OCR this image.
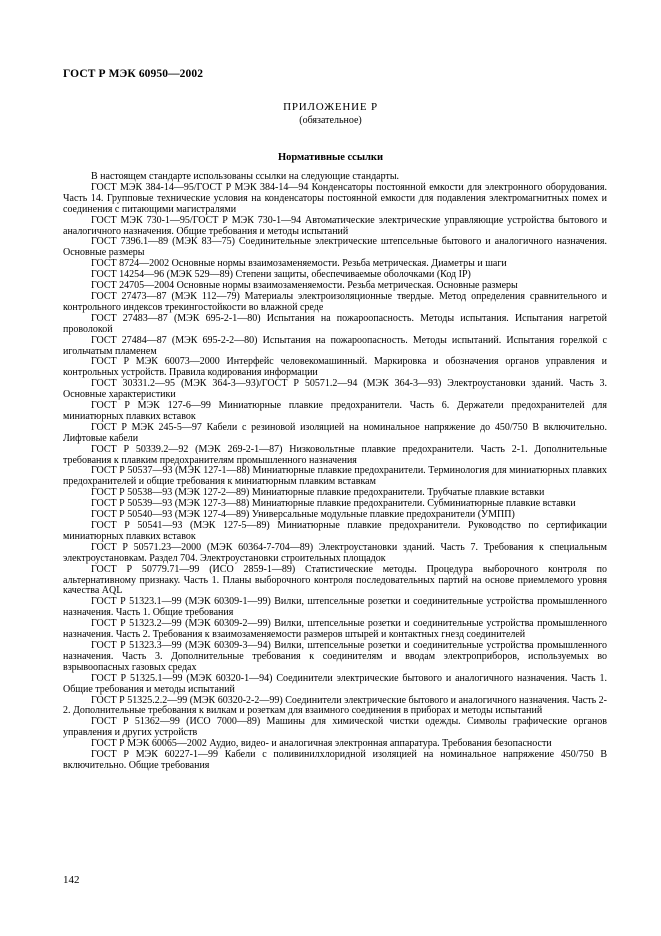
ГОСТ Р МЭК 60950—2002
ПРИЛОЖЕНИЕ Р
(обязательное)
Нормативные ссылки

В настоящем стандарте использованы ссылки на следующие стандарты.

ГОСТ МЭК 384-14—95/ГОСТ Р МЭК 384-14—94 Конденсаторы постоянной емкости для электронного оборудования. Часть 14. Групповые технические условия на конденсаторы постоянной емкости для подавления электромагнитных помех и соединения с питающими магистралями

ГОСТ МЭК 730-1—95/ГОСТ Р МЭК 730-1—94 Автоматические электрические управляющие устройства бытового и аналогичного назначения. Общие требования и методы испытаний

ГОСТ 7396.1—89 (МЭК 83—75) Соединительные электрические штепсельные бытового и аналогичного назначения. Основные размеры

ГОСТ 8724—2002 Основные нормы взаимозаменяемости. Резьба метрическая. Диаметры и шаги

ГОСТ 14254—96 (МЭК 529—89) Степени защиты, обеспечиваемые оболочками (Код IP)

ГОСТ 24705—2004 Основные нормы взаимозаменяемости. Резьба метрическая. Основные размеры

ГОСТ 27473—87 (МЭК 112—79) Материалы электроизоляционные твердые. Метод определения сравнительного и контрольного индексов трекингостойкости во влажной среде

ГОСТ 27483—87 (МЭК 695-2-1—80) Испытания на пожароопасность. Методы испытания. Испытания нагретой проволокой

ГОСТ 27484—87 (МЭК 695-2-2—80) Испытания на пожароопасность. Методы испытаний. Испытания горелкой с игольчатым пламенем

ГОСТ Р МЭК 60073—2000 Интерфейс человекомашинный. Маркировка и обозначения органов управления и контрольных устройств. Правила кодирования информации

ГОСТ 30331.2—95 (МЭК 364-3—93)/ГОСТ Р 50571.2—94 (МЭК 364-3—93) Электроустановки зданий. Часть 3. Основные характеристики

ГОСТ Р МЭК 127-6—99 Миниатюрные плавкие предохранители. Часть 6. Держатели предохранителей для миниатюрных плавких вставок

ГОСТ Р МЭК 245-5—97 Кабели с резиновой изоляцией на номинальное напряжение до 450/750 В включительно. Лифтовые кабели

ГОСТ Р 50339.2—92 (МЭК 269-2-1—87) Низковольтные плавкие предохранители. Часть 2-1. Дополнительные требования к плавким предохранителям промышленного назначения

ГОСТ Р 50537—93 (МЭК 127-1—88) Миниатюрные плавкие предохранители. Терминология для миниатюрных плавких предохранителей и общие требования к миниатюрным плавким вставкам

ГОСТ Р 50538—93 (МЭК 127-2—89) Миниатюрные плавкие предохранители. Трубчатые плавкие вставки

ГОСТ Р 50539—93 (МЭК 127-3—88) Миниатюрные плавкие предохранители. Субминиатюрные плавкие вставки

ГОСТ Р 50540—93 (МЭК 127-4—89) Универсальные модульные плавкие предохранители (УМПП)

ГОСТ Р 50541—93 (МЭК 127-5—89) Миниатюрные плавкие предохранители. Руководство по сертификации миниатюрных плавких вставок

ГОСТ Р 50571.23—2000 (МЭК 60364-7-704—89) Электроустановки зданий. Часть 7. Требования к специальным электроустановкам. Раздел 704. Электроустановки строительных площадок

ГОСТ Р 50779.71—99 (ИСО 2859-1—89) Статистические методы. Процедура выборочного контроля по альтернативному признаку. Часть 1. Планы выборочного контроля последовательных партий на основе приемлемого уровня качества AQL

ГОСТ Р 51323.1—99 (МЭК 60309-1—99) Вилки, штепсельные розетки и соединительные устройства промышленного назначения. Часть 1. Общие требования

ГОСТ Р 51323.2—99 (МЭК 60309-2—99) Вилки, штепсельные розетки и соединительные устройства промышленного назначения. Часть 2. Требования к взаимозаменяемости размеров штырей и контактных гнезд соединителей

ГОСТ Р 51323.3—99 (МЭК 60309-3—94) Вилки, штепсельные розетки и соединительные устройства промышленного назначения. Часть 3. Дополнительные требования к соединителям и вводам электроприборов, используемых во взрывоопасных газовых средах

ГОСТ Р 51325.1—99 (МЭК 60320-1—94) Соединители электрические бытового и аналогичного назначения. Часть 1. Общие требования и методы испытаний

ГОСТ Р 51325.2.2—99 (МЭК 60320-2-2—99) Соединители электрические бытового и аналогичного назначения. Часть 2-2. Дополнительные требования к вилкам и розеткам для взаимного соединения в приборах и методы испытаний

ГОСТ Р 51362—99 (ИСО 7000—89) Машины для химической чистки одежды. Символы графические органов управления и других устройств

ГОСТ Р МЭК 60065—2002 Аудио, видео- и аналогичная электронная аппаратура. Требования безопасности

ГОСТ Р МЭК 60227-1—99 Кабели с поливинилхлоридной изоляцией на номинальное напряжение 450/750 В включительно. Общие требования

142
